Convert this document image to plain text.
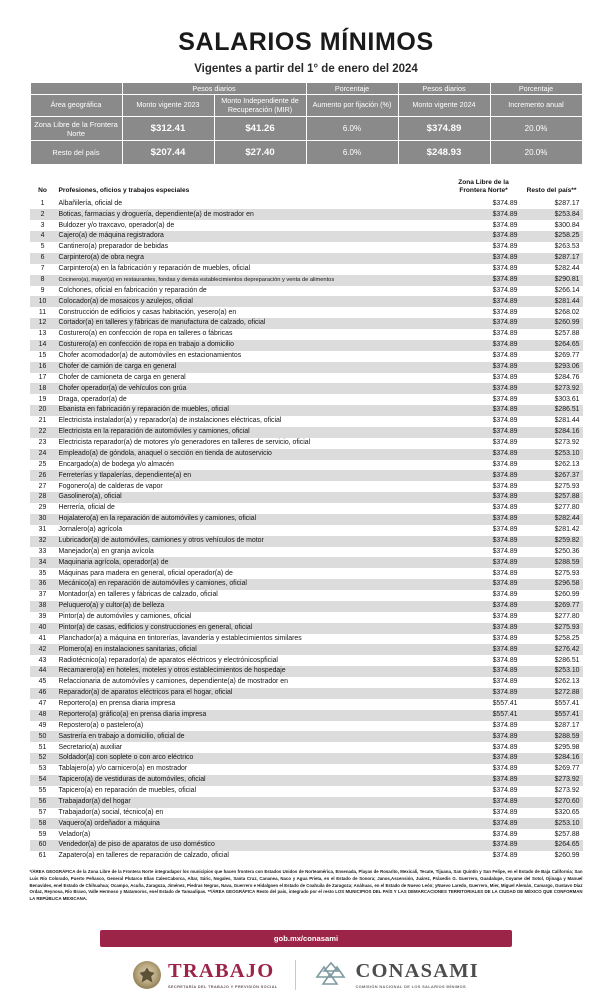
SALARIOS MÍNIMOS

Vigentes a partir del 1° de enero del 2024

	Pesos diarios		Porcentaje	Pesos diarios	Porcentaje
Área geográfica	Monto vigente 2023	Monto Independiente de Recuperación (MIR)	Aumento por fijación (%)	Monto vigente 2024	Incremento anual
Zona Libre de la Frontera Norte	$312.41	$41.26	6.0%	$374.89	20.0%
Resto del país	$207.44	$27.40	6.0%	$248.93	20.0%
No	Profesiones, oficios y trabajos especiales	Zona Libre de la Frontera Norte*	Resto del país**
1	Albañilería, oficial de	$374.89	$287.17
2	Boticas, farmacias y droguería, dependiente(a) de mostrador en	$374.89	$253.84
3	Buldozer y/o traxcavo, operador(a) de	$374.89	$300.84
4	Cajero(a) de máquina registradora	$374.89	$258.25
5	Cantinero(a) preparador de bebidas	$374.89	$263.53
6	Carpintero(a) de obra negra	$374.89	$287.17
7	Carpintero(a) en la fabricación y reparación de muebles, oficial	$374.89	$282.44
8	Cocinero(a), mayor(a) en restaurantes, fondas y demás establecimientos depreparación y venta de alimentos	$374.89	$290.81
9	Colchones, oficial en fabricación y reparación de	$374.89	$266.14
10	Colocador(a) de mosaicos y azulejos, oficial	$374.89	$281.44
11	Construcción de edificios y casas habitación, yesero(a) en	$374.89	$268.02
12	Cortador(a) en talleres y fábricas de manufactura de calzado, oficial	$374.89	$260.99
13	Costurero(a) en confección de ropa en talleres o fábricas	$374.89	$257.88
14	Costurero(a) en confección de ropa en trabajo a domicilio	$374.89	$264.65
15	Chofer acomodador(a) de automóviles en estacionamientos	$374.89	$269.77
16	Chofer de camión de carga en general	$374.89	$293.06
17	Chofer de camioneta de carga en general	$374.89	$284.76
18	Chofer operador(a) de vehículos con grúa	$374.89	$273.92
19	Draga, operador(a) de	$374.89	$303.61
20	Ebanista en fabricación y reparación de muebles, oficial	$374.89	$286.51
21	Electricista instalador(a) y reparador(a) de instalaciones eléctricas, oficial	$374.89	$281.44
22	Electricista en la reparación de automóviles y camiones, oficial	$374.89	$284.16
23	Electricista reparador(a) de motores y/o generadores en talleres de servicio, oficial	$374.89	$273.92
24	Empleado(a) de góndola, anaquel o sección en tienda de autoservicio	$374.89	$253.10
25	Encargado(a) de bodega y/o almacén	$374.89	$262.13
26	Ferreterías y tlapalerías, dependiente(a) en	$374.89	$267.37
27	Fogonero(a) de calderas de vapor	$374.89	$275.93
28	Gasolinero(a), oficial	$374.89	$257.88
29	Herrería, oficial de	$374.89	$277.80
30	Hojalatero(a) en la reparación de automóviles y camiones, oficial	$374.89	$282.44
31	Jornalero(a) agrícola	$374.89	$281.42
32	Lubricador(a) de automóviles, camiones y otros vehículos de motor	$374.89	$259.82
33	Manejador(a) en granja avícola	$374.89	$250.36
34	Maquinaria agrícola, operador(a) de	$374.89	$288.59
35	Máquinas para madera en general, oficial operador(a) de	$374.89	$275.93
36	Mecánico(a) en reparación de automóviles y camiones, oficial	$374.89	$296.58
37	Montador(a) en talleres y fábricas de calzado, oficial	$374.89	$260.99
38	Peluquero(a) y cultor(a) de belleza	$374.89	$269.77
39	Pintor(a) de automóviles y camiones, oficial	$374.89	$277.80
40	Pintor(a) de casas, edificios y construcciones en general, oficial	$374.89	$275.93
41	Planchador(a) a máquina en tintorerías, lavandería y establecimientos similares	$374.89	$258.25
42	Plomero(a) en instalaciones sanitarias, oficial	$374.89	$276.42
43	Radiotécnico(a) reparador(a) de aparatos eléctricos y electrónicospficial	$374.89	$286.51
44	Recamarero(a) en hoteles, moteles y otros establecimientos de hospedaje	$374.89	$253.10
45	Refaccionaria de automóviles y camiones, dependiente(a) de mostrador en	$374.89	$262.13
46	Reparador(a) de aparatos eléctricos para el hogar, oficial	$374.89	$272.88
47	Reportero(a) en prensa diaria impresa	$557.41	$557.41
48	Reportero(a) gráfico(a) en prensa diaria impresa	$557.41	$557.41
49	Repostero(a) o pastelero(a)	$374.89	$287.17
50	Sastrería en trabajo a domicilio, oficial de	$374.89	$288.59
51	Secretario(a) auxiliar	$374.89	$295.98
52	Soldador(a) con soplete o con arco eléctrico	$374.89	$284.16
53	Tablajero(a) y/o carnicero(a) en mostrador	$374.89	$269.77
54	Tapicero(a) de vestiduras de automóviles, oficial	$374.89	$273.92
55	Tapicero(a) en reparación de muebles, oficial	$374.89	$273.92
56	Trabajador(a) del hogar	$374.89	$270.60
57	Trabajador(a) social, técnico(a) en	$374.89	$320.65
58	Vaquero(a) ordeñador a máquina	$374.89	$253.10
59	Velador(a)	$374.89	$257.88
60	Vendedor(a) de piso de aparatos de uso doméstico	$374.89	$264.65
61	Zapatero(a) en talleres de reparación de calzado, oficial	$374.89	$260.99

*/ÁREA GEOGRÁFICA de la Zona Libre de la Frontera Norte integradapor los municipios que hacen frontera con Estados Unidos de Norteamérica, Ensenada, Playas de Rosarito, Mexicali, Tecate, Tijuana, San Quintín y San Felipe, en el Estado de Baja California; San Luis Río Colorado, Puerto Peñasco, General Plutarco Elías CalesCaborca, Altar, Sáric, Nogales, Santa Cruz, Cananea, Naco y Agua Prieta, en el Estado de Sonora; Janos,Ascensión, Juárez, Práxedis G. Guerrero, Guadalupe, Coyame del Sotol, Ojinaga y Manuel Benavides, enel Estado de Chihuahua; Ocampo, Acuña, Zaragoza, Jiménez, Piedras Negras, Nava, Guerrero e Hidalgoen el Estado de Coahuila de Zaragoza; Anáhuac, en el Estado de Nuevo León; yNuevo Laredo, Guerrero, Mier, Miguel Alemán, Camargo, Gustavo Díaz Ordaz, Reynosa, Río Bravo, Valle Hermoso y Matamoros, enel Estado de Tamaulipas. **/ÁREA GEOGRÁFICA Resto del país, integrado por el resto LOS MUNICIPIOS DEL PAÍS Y LAS DEMARCACIONES TERRITORIALES DE LA CIUDAD DE MÉXICO QUE CONFORMAN LA REPÚBLICA MEXICANA.

gob.mx/conasami
TRABAJO
SECRETARÍA DEL TRABAJO Y PREVISIÓN SOCIAL
CONASAMI
COMISIÓN NACIONAL DE LOS SALARIOS MÍNIMOS
